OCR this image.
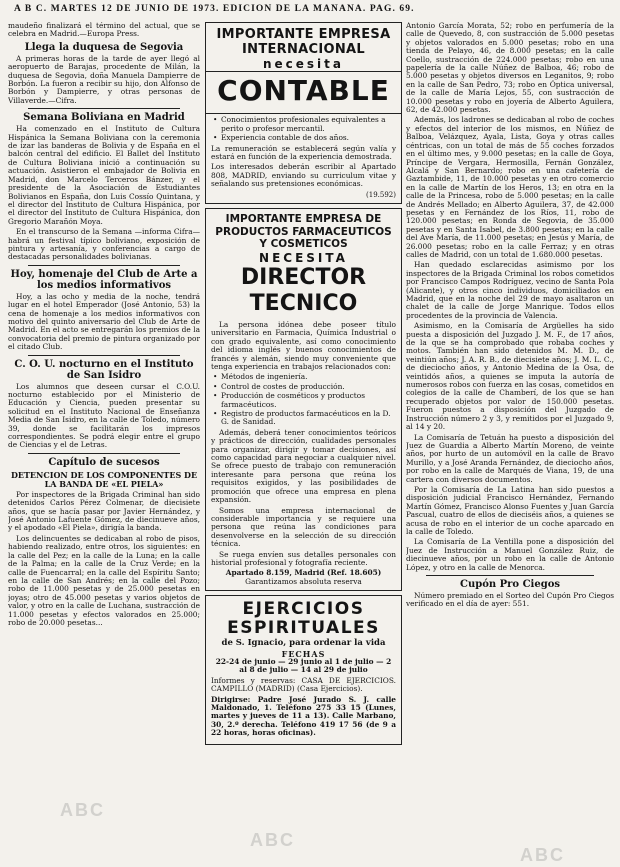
A B C. MARTES 12 DE JUNIO DE 1973. EDICION DE LA MAÑANA. PAG. 69.

maudeño finalizará el término del actual, que se celebra en Madrid.—Europa Press.

Llega la duquesa de Segovia

A primeras horas de la tarde de ayer llegó al aeropuerto de Barajas, procedente de Milán, la duquesa de Segovia, doña Manuela Dampierre de Borbón. La fueron a recibir su hijo, don Alfonso de Borbón y Dampierre, y otras personas de Villaverde.—Cifra.

Semana Boliviana en Madrid

Ha comenzado en el Instituto de Cultura Hispánica la Semana Boliviana con la ceremonia de izar las banderas de Bolivia y de España en el balcón central del edificio. El Ballet del Instituto de Cultura Boliviana inició a continuación su actuación. Asistieron el embajador de Bolivia en Madrid, don Marcelo Terceros Bánzer, y el presidente de la Asociación de Estudiantes Bolivianos en España, don Luis Cossío Quintana, y el director del Instituto de Cultura Hispánica, por el director del Instituto de Cultura Hispánica, don Gregorio Marañón Moya.

En el transcurso de la Semana —informa Cifra— habrá un festival típico boliviano, exposición de pintura y artesanía, y conferencias a cargo de destacadas personalidades bolivianas.

Hoy, homenaje del Club de Arte a los medios informativos

Hoy, a las ocho y media de la noche, tendrá lugar en el hotel Emperador (José Antonio, 53) la cena de homenaje a los medios informativos con motivo del quinto aniversario del Club de Arte de Madrid. En el acto se entregarán los premios de la convocatoria del premio de pintura organizado por el citado Club.

C. O. U. nocturno en el Instituto de San Isidro

Los alumnos que deseen cursar el C.O.U. nocturno establecido por el Ministerio de Educación y Ciencia, pueden presentar su solicitud en el Instituto Nacional de Enseñanza Media de San Isidro, en la calle de Toledo, número 39, donde se facilitarán los impresos correspondientes. Se podrá elegir entre el grupo de Ciencias y el de Letras.

Capítulo de sucesos
DETENCION DE LOS COMPONENTES DE LA BANDA DE «EL PIELA»

Por inspectores de la Brigada Criminal han sido detenidos Carlos Pérez Colmenar, de diecisiete años, que se hacía pasar por Javier Hernández, y José Antonio Lafuente Gómez, de diecinueve años, y el apodado «El Piela», dirigía la banda.

Los delincuentes se dedicaban al robo de pisos, habiendo realizado, entre otros, los siguientes: en la calle del Pez; en la calle de la Luna; en la calle de la Palma; en la calle de la Cruz Verde; en la calle de Fuencarral; en la calle del Espíritu Santo; en la calle de San Andrés; en la calle del Pozo; robo de 11.000 pesetas y de 25.000 pesetas en joyas; otro de 45.000 pesetas y varios objetos de valor, y otro en la calle de Luchana, sustracción de 11.000 pesetas y efectos valorados en 25.000; robo de 20.000 pesetas...

IMPORTANTE EMPRESA INTERNACIONAL
necesita
CONTABLE
• Conocimientos profesionales equivalentes a perito o profesor mercantil.
• Experiencia contable de dos años.

La remuneración se establecerá según valía y estará en función de la experiencia demostrada.

Los interesados deberán escribir al Apartado 808, MADRID, enviando su curriculum vitae y señalando sus pretensiones económicas.

(19.592)
IMPORTANTE EMPRESA DE PRODUCTOS FARMACEUTICOS Y COSMETICOS
NECESITA
DIRECTOR TECNICO

La persona idónea debe poseer título universitario en Farmacia, Química Industrial o con grado equivalente, así como conocimiento del idioma inglés y buenos conocimientos de francés y alemán, siendo muy conveniente que tenga experiencia en trabajos relacionados con:

• Métodos de ingeniería.
• Control de costes de producción.
• Producción de cosméticos y productos farmacéuticos.
• Registro de productos farmacéuticos en la D. G. de Sanidad.

Además, deberá tener conocimientos teóricos y prácticos de dirección, cualidades personales para organizar, dirigir y tomar decisiones, así como capacidad para negociar a cualquier nivel. Se ofrece puesto de trabajo con remuneración interesante para persona que reúna los requisitos exigidos, y las posibilidades de promoción que ofrece una empresa en plena expansión.

Somos una empresa internacional de considerable importancia y se requiere una persona que reúna las condiciones para desenvolverse en la selección de su dirección técnica.

Se ruega envíen sus detalles personales con historial profesional y fotografía reciente.

Apartado 8.159, Madrid (Ref. 18.605)
Garantizamos absoluta reserva
EJERCICIOS ESPIRITUALES
de S. Ignacio, para ordenar la vida
FECHAS

22-24 de junio — 29 junio al 1 de julio — 2 al 8 de julio — 14 al 29 de julio

Informes y reservas: CASA DE EJERCICIOS. CAMPILLO (MADRID) (Casa Ejercicios).

Dirigirse: Padre José Jurado S. J. calle Maldonado, 1. Teléfono 275 33 15 (Lunes, martes y jueves de 11 a 13). Calle Marbano, 30, 2.º derecha. Teléfono 419 17 56 (de 9 a 22 horas, horas oficinas).

Antonio García Morata, 52; robo en perfumería de la calle de Quevedo, 8, con sustracción de 5.000 pesetas y objetos valorados en 5.000 pesetas; robo en una tienda de Pelayo, 46, de 8.000 pesetas; en la calle Coello, sustracción de 224.000 pesetas; robo en una papelería de la calle Núñez de Balboa, 46; robo de 5.000 pesetas y objetos diversos en Leganitos, 9; robo en la calle de San Pedro, 73; robo en Óptica universal, de la calle de María Lejos, 55, con sustracción de 10.000 pesetas y robo en joyería de Alberto Aguilera, 62, de 42.000 pesetas.

Además, los ladrones se dedicaban al robo de coches y efectos del interior de los mismos, en Núñez de Balboa, Velázquez, Ayala, Lista, Goya y otras calles céntricas, con un total de más de 55 coches forzados en el último mes, y 9.000 pesetas; en la calle de Goya, Príncipe de Vergara, Hermosilla, Fernán González, Alcalá y San Bernardo; robo en una cafetería de Gaztambide, 11, de 10.000 pesetas y en otro comercio en la calle de Martín de los Heros, 13; en otra en la calle de la Princesa, robo de 5.000 pesetas; en la calle de Andrés Mellado; en Alberto Aguilera, 37, de 42.000 pesetas y en Fernández de los Ríos, 11, robo de 120.000 pesetas; en Ronda de Segovia, de 35.000 pesetas y en Santa Isabel, de 3.800 pesetas; en la calle del Ave María, de 11.000 pesetas; en Jesús y María, de 26.000 pesetas; robo en la calle Ferraz; y en otras calles de Madrid, con un total de 1.680.000 pesetas.

Han quedado esclarecidas asimismo por los inspectores de la Brigada Criminal los robos cometidos por Francisco Campos Rodríguez, vecino de Santa Pola (Alicante), y otros cinco individuos, domiciliados en Madrid, que en la noche del 29 de mayo asaltaron un chalet de la calle de Jorge Manrique. Todos ellos procedentes de la provincia de Valencia.

Asimismo, en la Comisaría de Argüelles ha sido puesta a disposición del Juzgado J. M. F., de 17 años, de la que se ha comprobado que robaba coches y motos. También han sido detenidos M. M. D., de veintiún años; J. A. R. B., de diecisiete años; J. M. L. C., de dieciocho años, y Antonio Medina de la Osa, de veintidós años, a quienes se imputa la autoría de numerosos robos con fuerza en las cosas, cometidos en colegios de la calle de Chamberí, de los que se han recuperado objetos por valor de 150.000 pesetas. Fueron puestos a disposición del Juzgado de Instrucción número 2 y 3, y remitidos por el Juzgado 9, al 14 y 20.

La Comisaría de Tetuán ha puesto a disposición del Juez de Guardia a Alberto Martín Moreno, de veinte años, por hurto de un automóvil en la calle de Bravo Murillo, y a José Aranda Fernández, de dieciocho años, por robo en la calle de Marqués de Viana, 19, de una cartera con diversos documentos.

Por la Comisaría de La Latina han sido puestos a disposición judicial Francisco Hernández, Fernando Martín Gómez, Francisco Alonso Fuentes y Juan García Pascual, cuatro de ellos de dieciséis años, a quienes se acusa de robo en el interior de un coche aparcado en la calle de Toledo.

La Comisaría de La Ventilla pone a disposición del Juez de Instrucción a Manuel González Ruiz, de diecinueve años, por un robo en la calle de Antonio López, y otro en la calle de Menorca.

Cupón Pro Ciegos

Número premiado en el Sorteo del Cupón Pro Ciegos verificado en el día de ayer: 551.

ABC
ABC
ABC
